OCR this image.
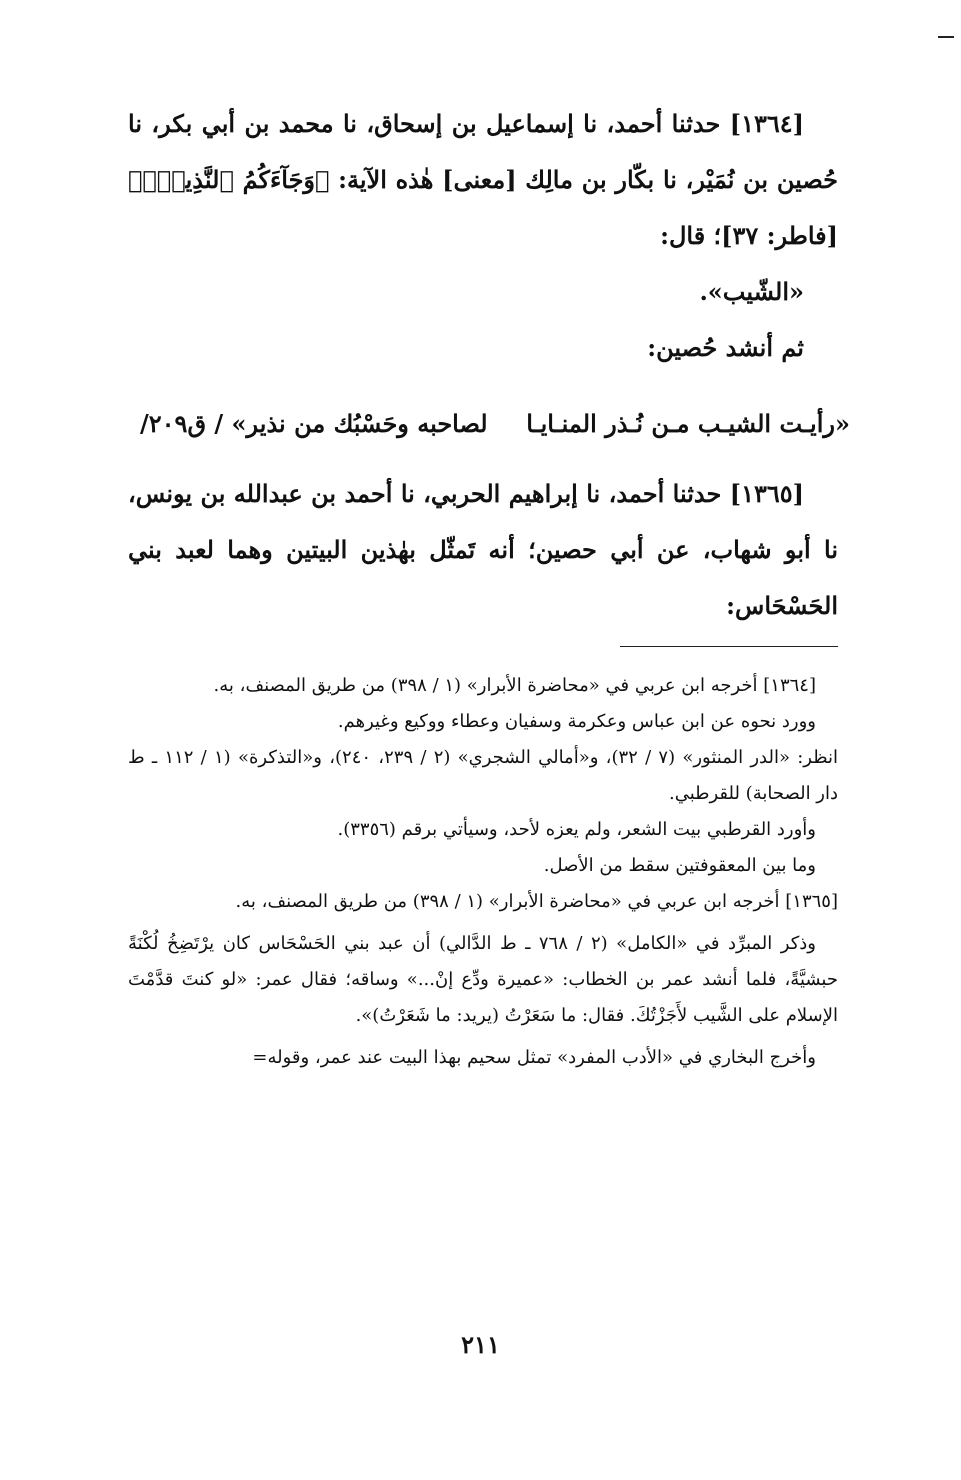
[١٣٦٤] حدثنا أحمد، نا إسماعيل بن إسحاق، نا محمد بن أبي بكر، نا حُصين بن نُمَيْر، نا بكّار بن مالِك [معنى] هٰذه الآية: ﴿وَجَآءَكُمُ ٱلنَّذِيرُۖ﴾ [فاطر: ٣٧]؛ قال:

«الشّيب».

ثم أنشد حُصين:

«رأيـت الشيـب مـن نُـذر المنـايـا
لصاحبه وحَسْبُك من نذير» / ق٢٠٩/

[١٣٦٥] حدثنا أحمد، نا إبراهيم الحربي، نا أحمد بن عبدالله بن يونس، نا أبو شهاب، عن أبي حصين؛ أنه تَمثّل بهٰذين البيتين وهما لعبد بني الحَسْحَاس:

[١٣٦٤] أخرجه ابن عربي في «محاضرة الأبرار» (١ / ٣٩٨) من طريق المصنف، به.

وورد نحوه عن ابن عباس وعكرمة وسفيان وعطاء ووكيع وغيرهم.

انظر: «الدر المنثور» (٧ / ٣٢)، و«أمالي الشجري» (٢ / ٢٣٩، ٢٤٠)، و«التذكرة» (١ / ١١٢ ـ ط دار الصحابة) للقرطبي.

وأورد القرطبي بيت الشعر، ولم يعزه لأحد، وسيأتي برقم (٣٣٥٦).

وما بين المعقوفتين سقط من الأصل.

[١٣٦٥] أخرجه ابن عربي في «محاضرة الأبرار» (١ / ٣٩٨) من طريق المصنف، به.

وذكر المبرِّد في «الكامل» (٢ / ٧٦٨ ـ ط الدَّالي) أن عبد بني الحَسْحَاس كان يرْتَضِخُ لُكْنَةً حبشيَّةً، فلما أنشد عمر بن الخطاب: «عميرة ودِّع إنْ...» وساقه؛ فقال عمر: «لو كنتَ قدَّمْتَ الإسلام على الشَّيب لأَجَزْتُكَ. فقال: ما سَعَرْتُ (يريد: ما شَعَرْتُ)».

وأخرج البخاري في «الأدب المفرد» تمثل سحيم بهذا البيت عند عمر، وقوله=

٢١١
